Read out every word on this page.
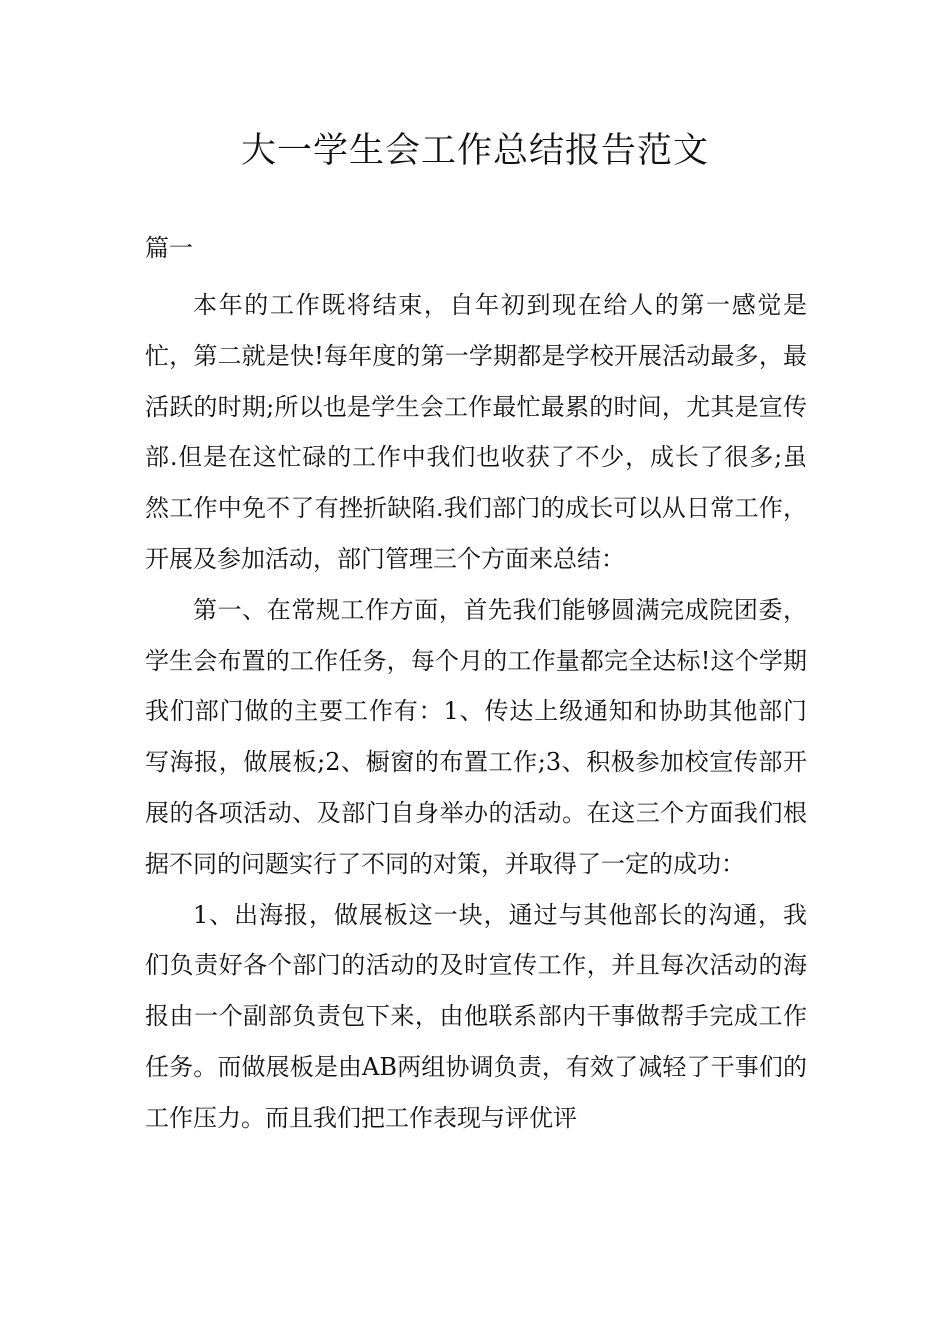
大一学生会工作总结报告范文
篇一

本年的工作既将结束，自年初到现在给人的第一感觉是忙，第二就是快!每年度的第一学期都是学校开展活动最多，最活跃的时期;所以也是学生会工作最忙最累的时间，尤其是宣传部.但是在这忙碌的工作中我们也收获了不少，成长了很多;虽然工作中免不了有挫折缺陷.我们部门的成长可以从日常工作，开展及参加活动，部门管理三个方面来总结：

第一、在常规工作方面，首先我们能够圆满完成院团委，学生会布置的工作任务，每个月的工作量都完全达标!这个学期我们部门做的主要工作有：1、传达上级通知和协助其他部门写海报，做展板;2、橱窗的布置工作;3、积极参加校宣传部开展的各项活动、及部门自身举办的活动。在这三个方面我们根据不同的问题实行了不同的对策，并取得了一定的成功：

1、出海报，做展板这一块，通过与其他部长的沟通，我们负责好各个部门的活动的及时宣传工作，并且每次活动的海报由一个副部负责包下来，由他联系部内干事做帮手完成工作任务。而做展板是由AB两组协调负责，有效了减轻了干事们的工作压力。而且我们把工作表现与评优评
